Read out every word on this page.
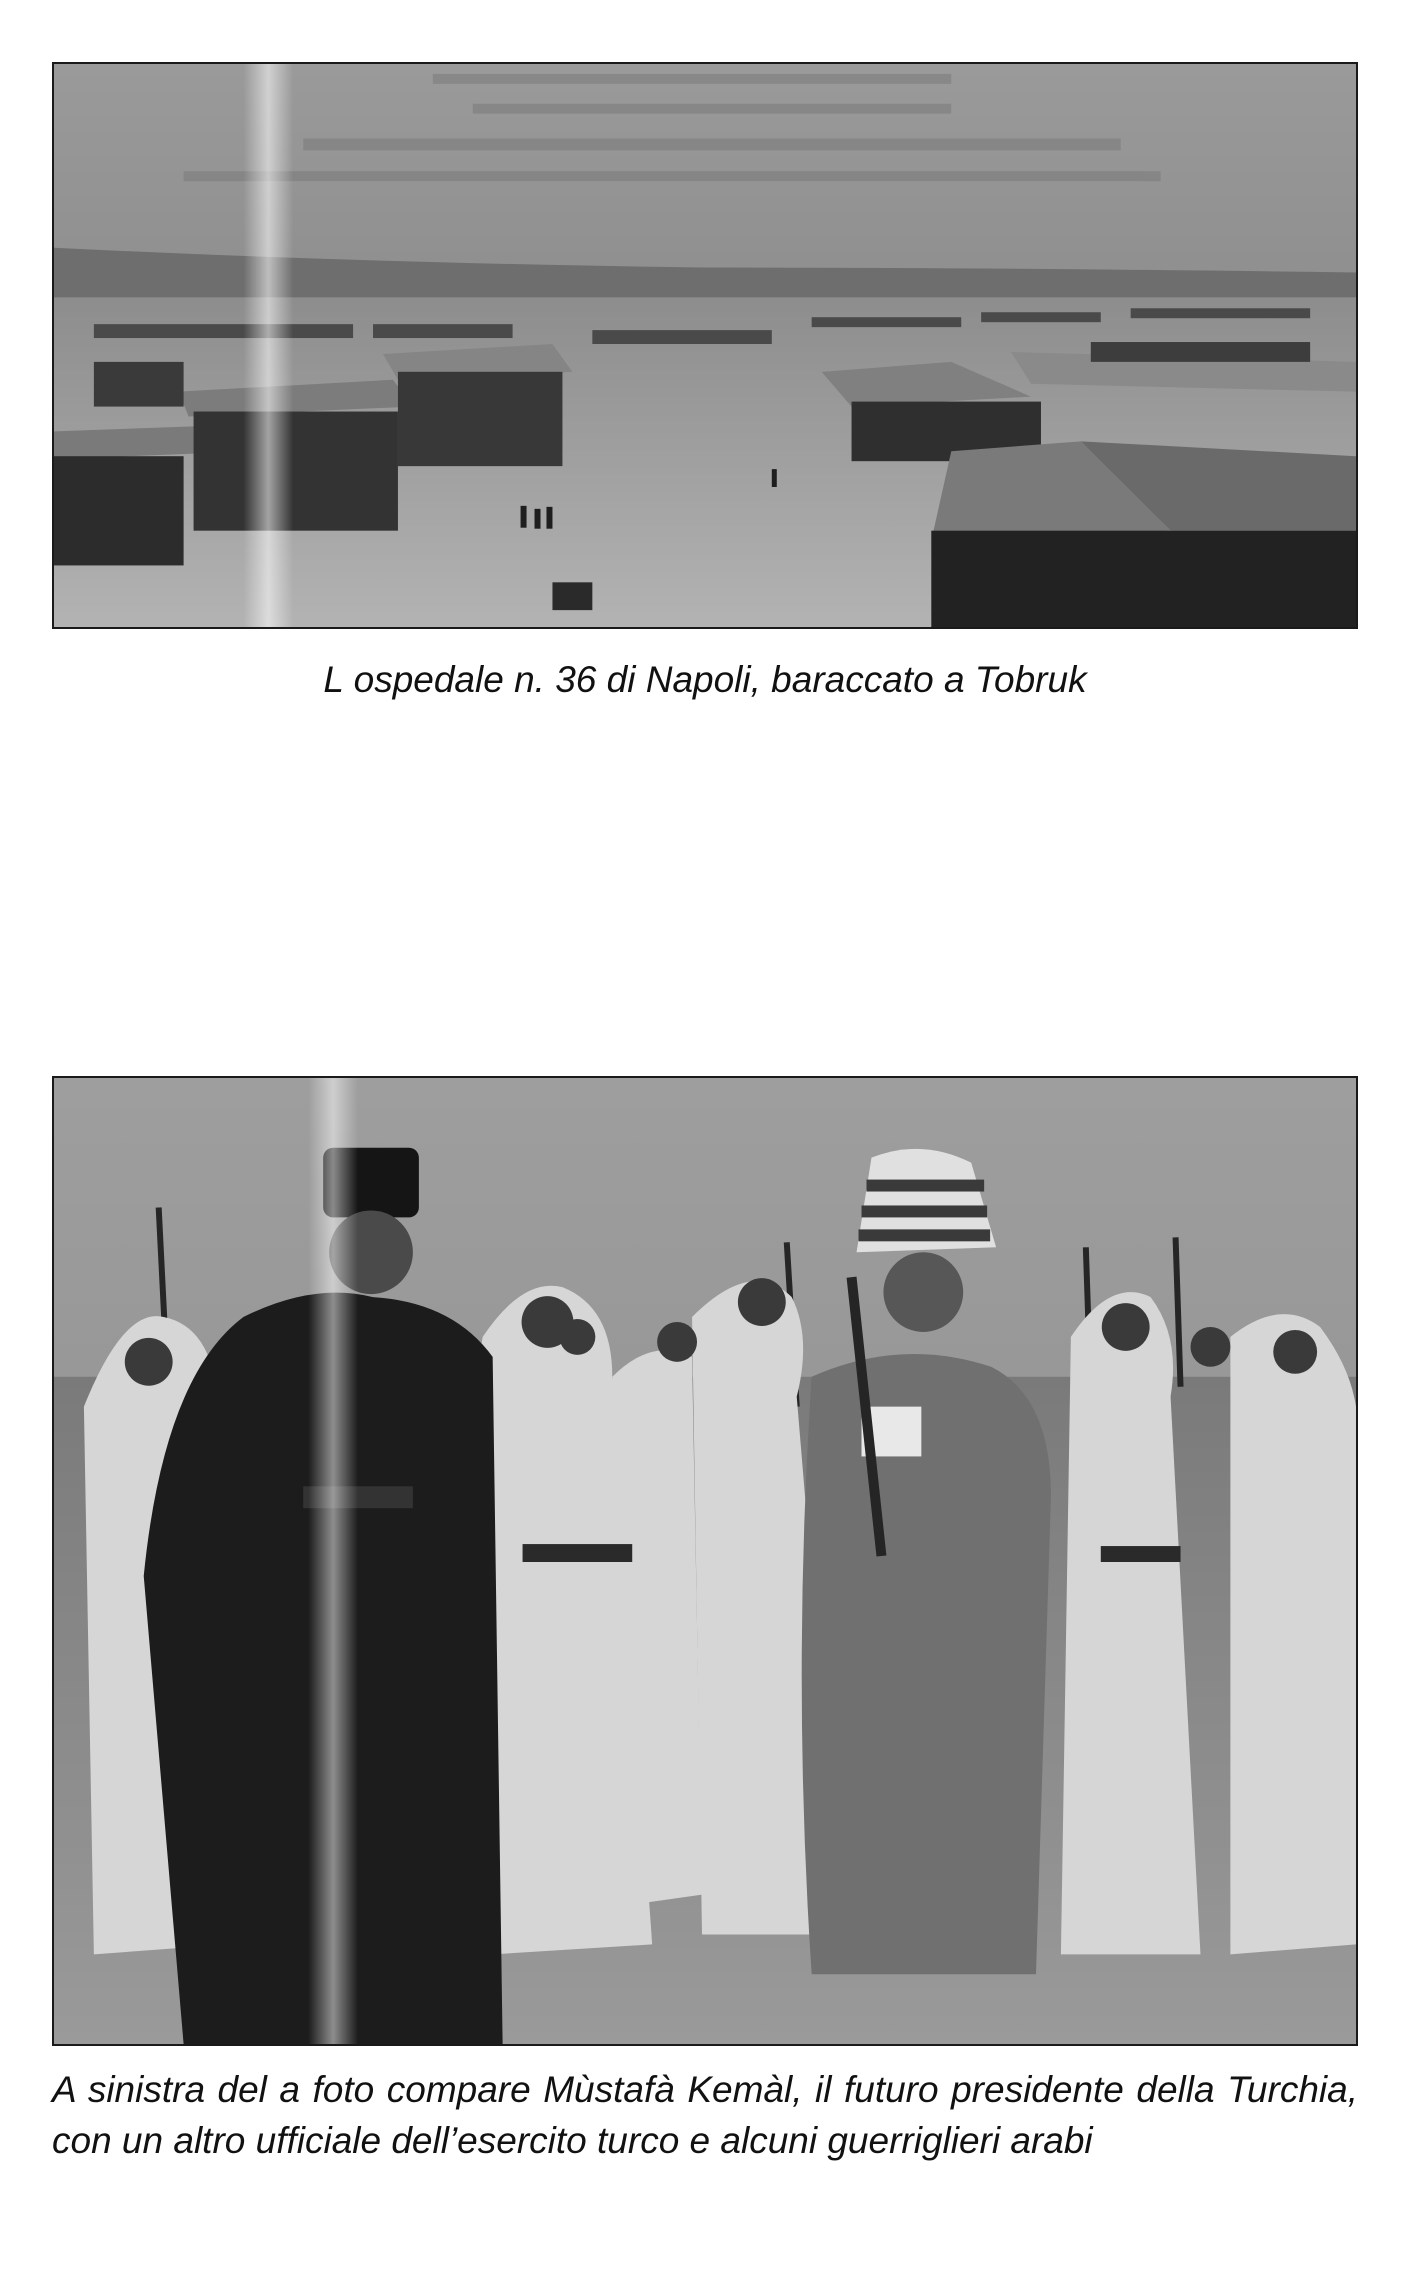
L ospedale n. 36 di Napoli, baraccato a Tobruk
A sinistra del a foto compare Mùstafà Kemàl, il futuro presidente della Turchia, con un altro ufficiale dell’esercito turco e alcuni guerriglieri arabi
